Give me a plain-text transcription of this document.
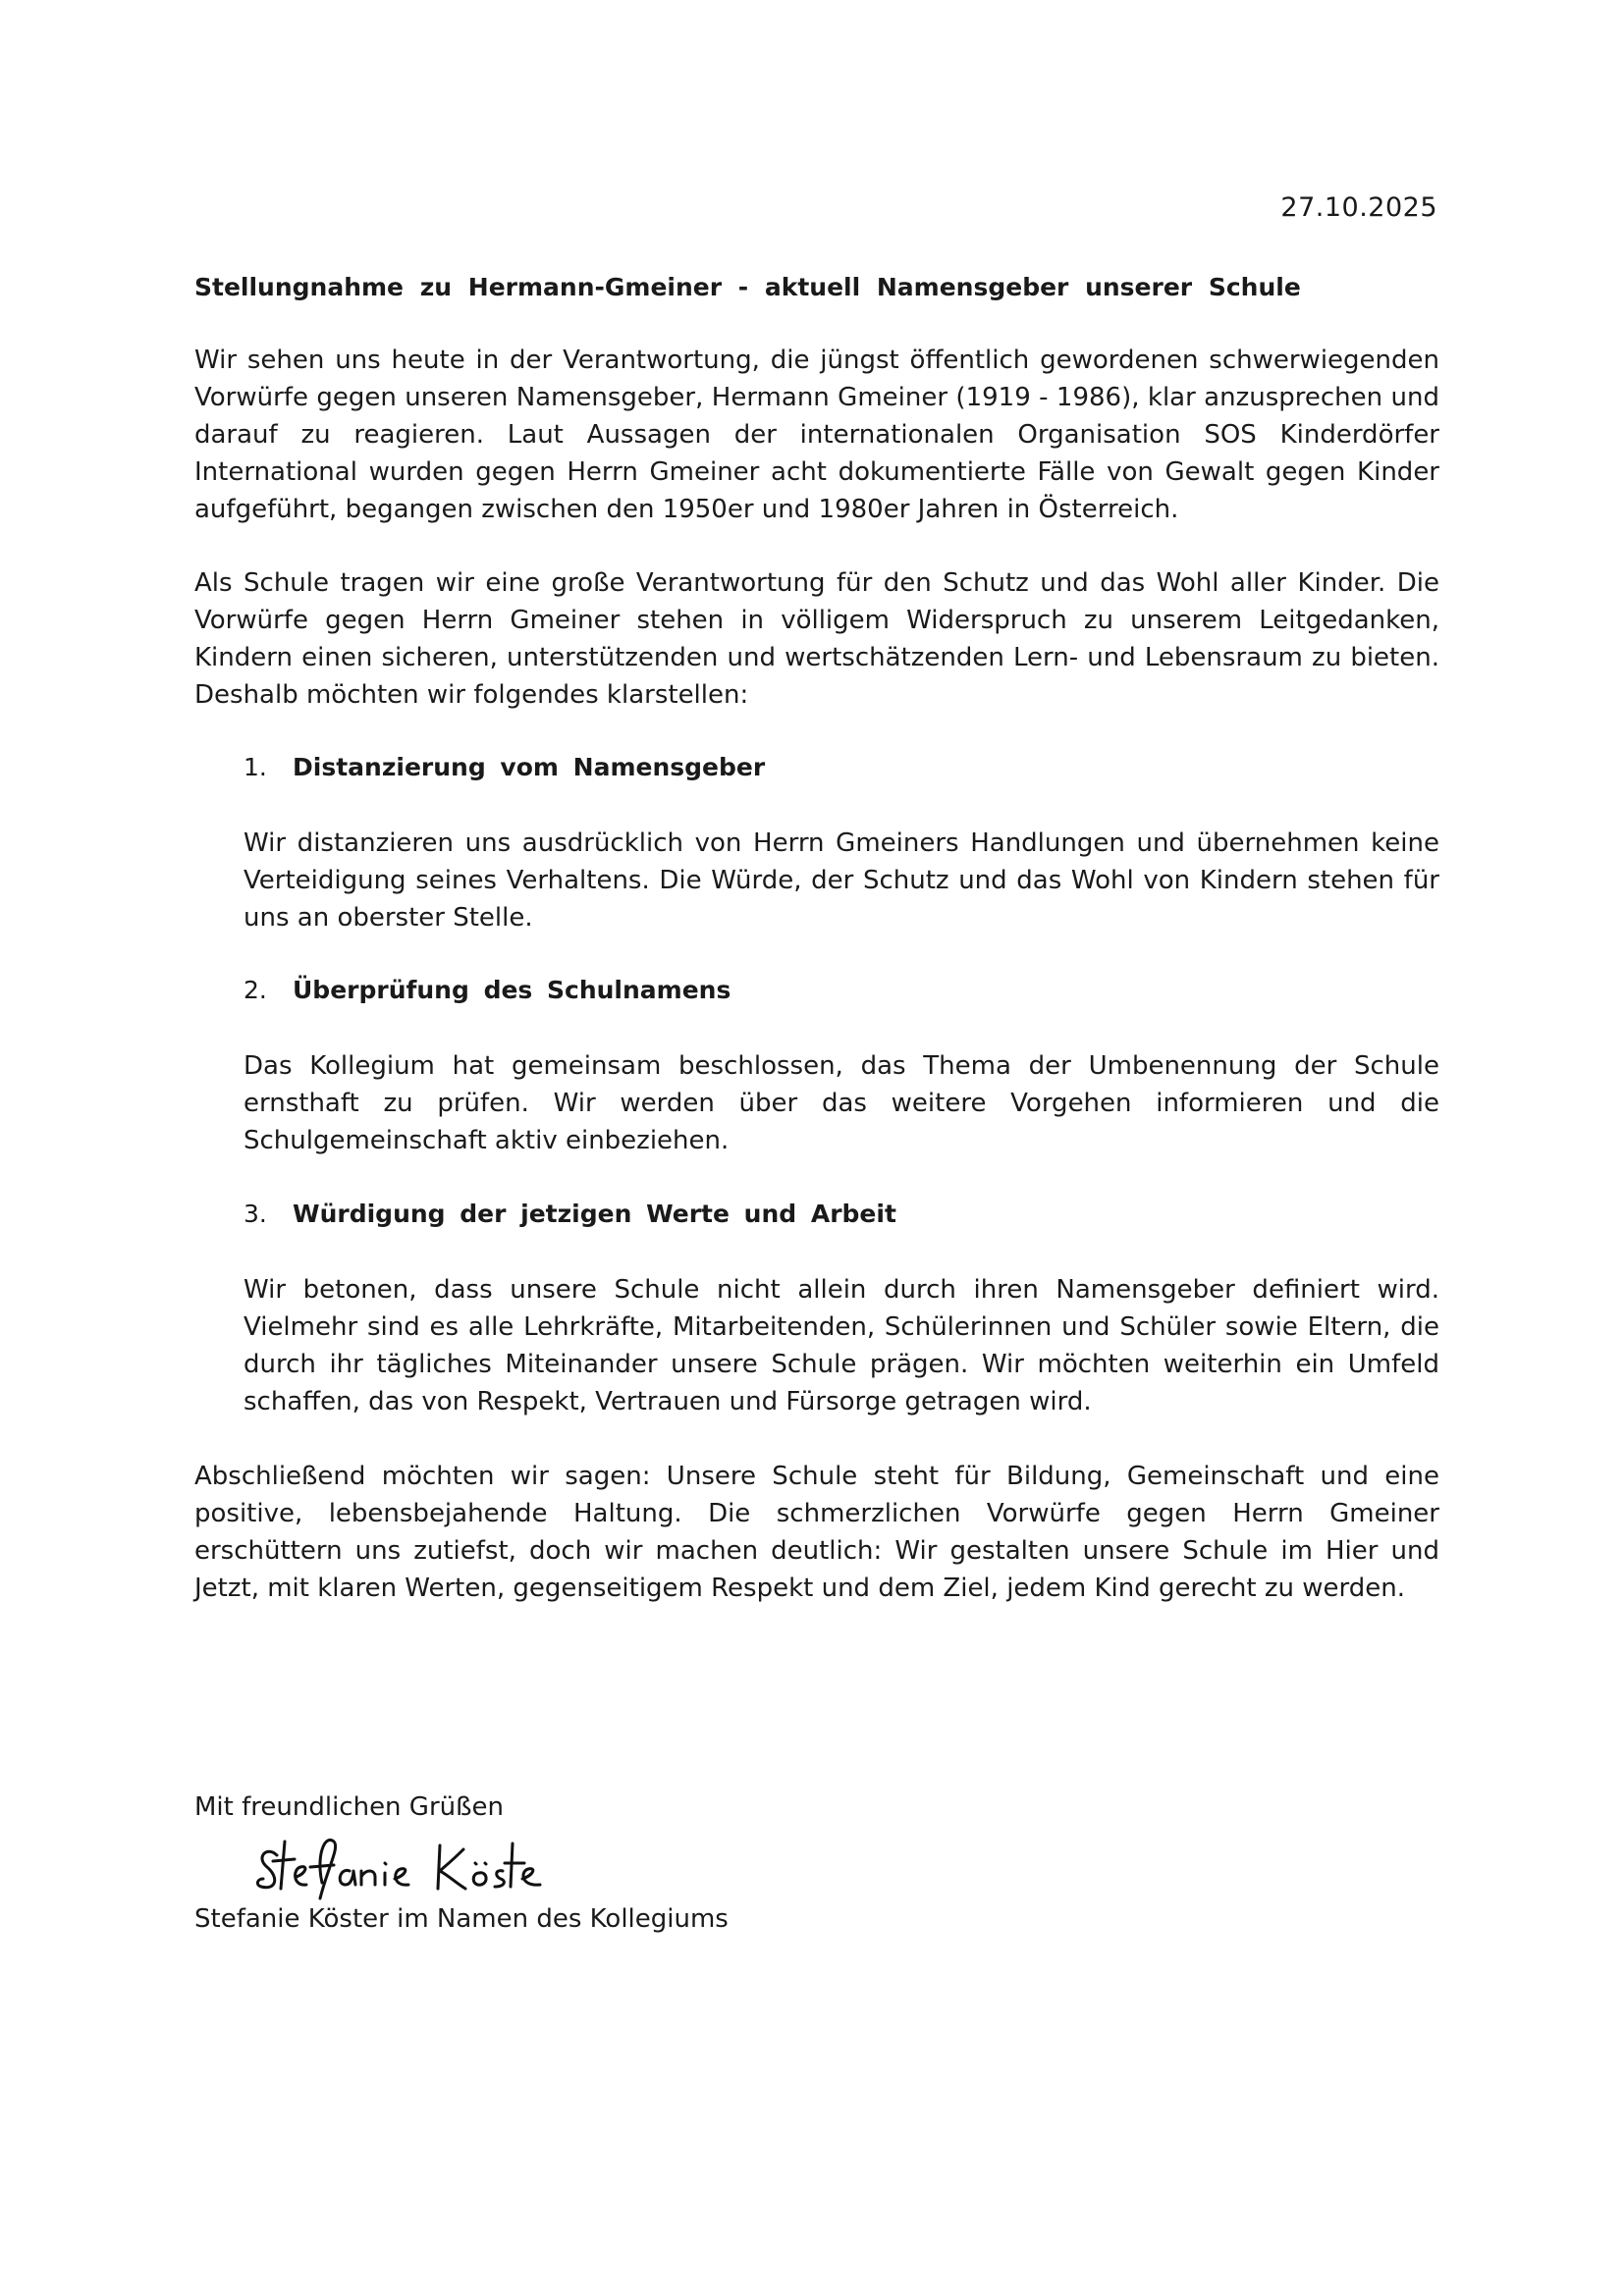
27.10.2025
Stellungnahme zu Hermann-Gmeiner - aktuell Namensgeber unserer Schule

Wir sehen uns heute in der Verantwortung, die jüngst öffentlich gewordenen schwerwiegenden Vorwürfe gegen unseren Namensgeber, Hermann Gmeiner (1919 - 1986), klar anzusprechen und darauf zu reagieren. Laut Aussagen der internationalen Organisation SOS Kinderdörfer International wurden gegen Herrn Gmeiner acht dokumentierte Fälle von Gewalt gegen Kinder aufgeführt, begangen zwischen den 1950er und 1980er Jahren in Österreich.

Als Schule tragen wir eine große Verantwortung für den Schutz und das Wohl aller Kinder. Die Vorwürfe gegen Herrn Gmeiner stehen in völligem Widerspruch zu unserem Leitgedanken, Kindern einen sicheren, unterstützenden und wertschätzenden Lern- und Lebensraum zu bieten. Deshalb möchten wir folgendes klarstellen:

1. Distanzierung vom Namensgeber

Wir distanzieren uns ausdrücklich von Herrn Gmeiners Handlungen und übernehmen keine Verteidigung seines Verhaltens. Die Würde, der Schutz und das Wohl von Kindern stehen für uns an oberster Stelle.

2. Überprüfung des Schulnamens

Das Kollegium hat gemeinsam beschlossen, das Thema der Umbenennung der Schule ernsthaft zu prüfen. Wir werden über das weitere Vorgehen informieren und die Schulgemeinschaft aktiv einbeziehen.

3. Würdigung der jetzigen Werte und Arbeit

Wir betonen, dass unsere Schule nicht allein durch ihren Namensgeber definiert wird. Vielmehr sind es alle Lehrkräfte, Mitarbeitenden, Schülerinnen und Schüler sowie Eltern, die durch ihr tägliches Miteinander unsere Schule prägen. Wir möchten weiterhin ein Umfeld schaffen, das von Respekt, Vertrauen und Fürsorge getragen wird.

Abschließend möchten wir sagen: Unsere Schule steht für Bildung, Gemeinschaft und eine positive, lebensbejahende Haltung. Die schmerzlichen Vorwürfe gegen Herrn Gmeiner erschüttern uns zutiefst, doch wir machen deutlich: Wir gestalten unsere Schule im Hier und Jetzt, mit klaren Werten, gegenseitigem Respekt und dem Ziel, jedem Kind gerecht zu werden.

Mit freundlichen Grüßen
Stefanie Köster im Namen des Kollegiums
